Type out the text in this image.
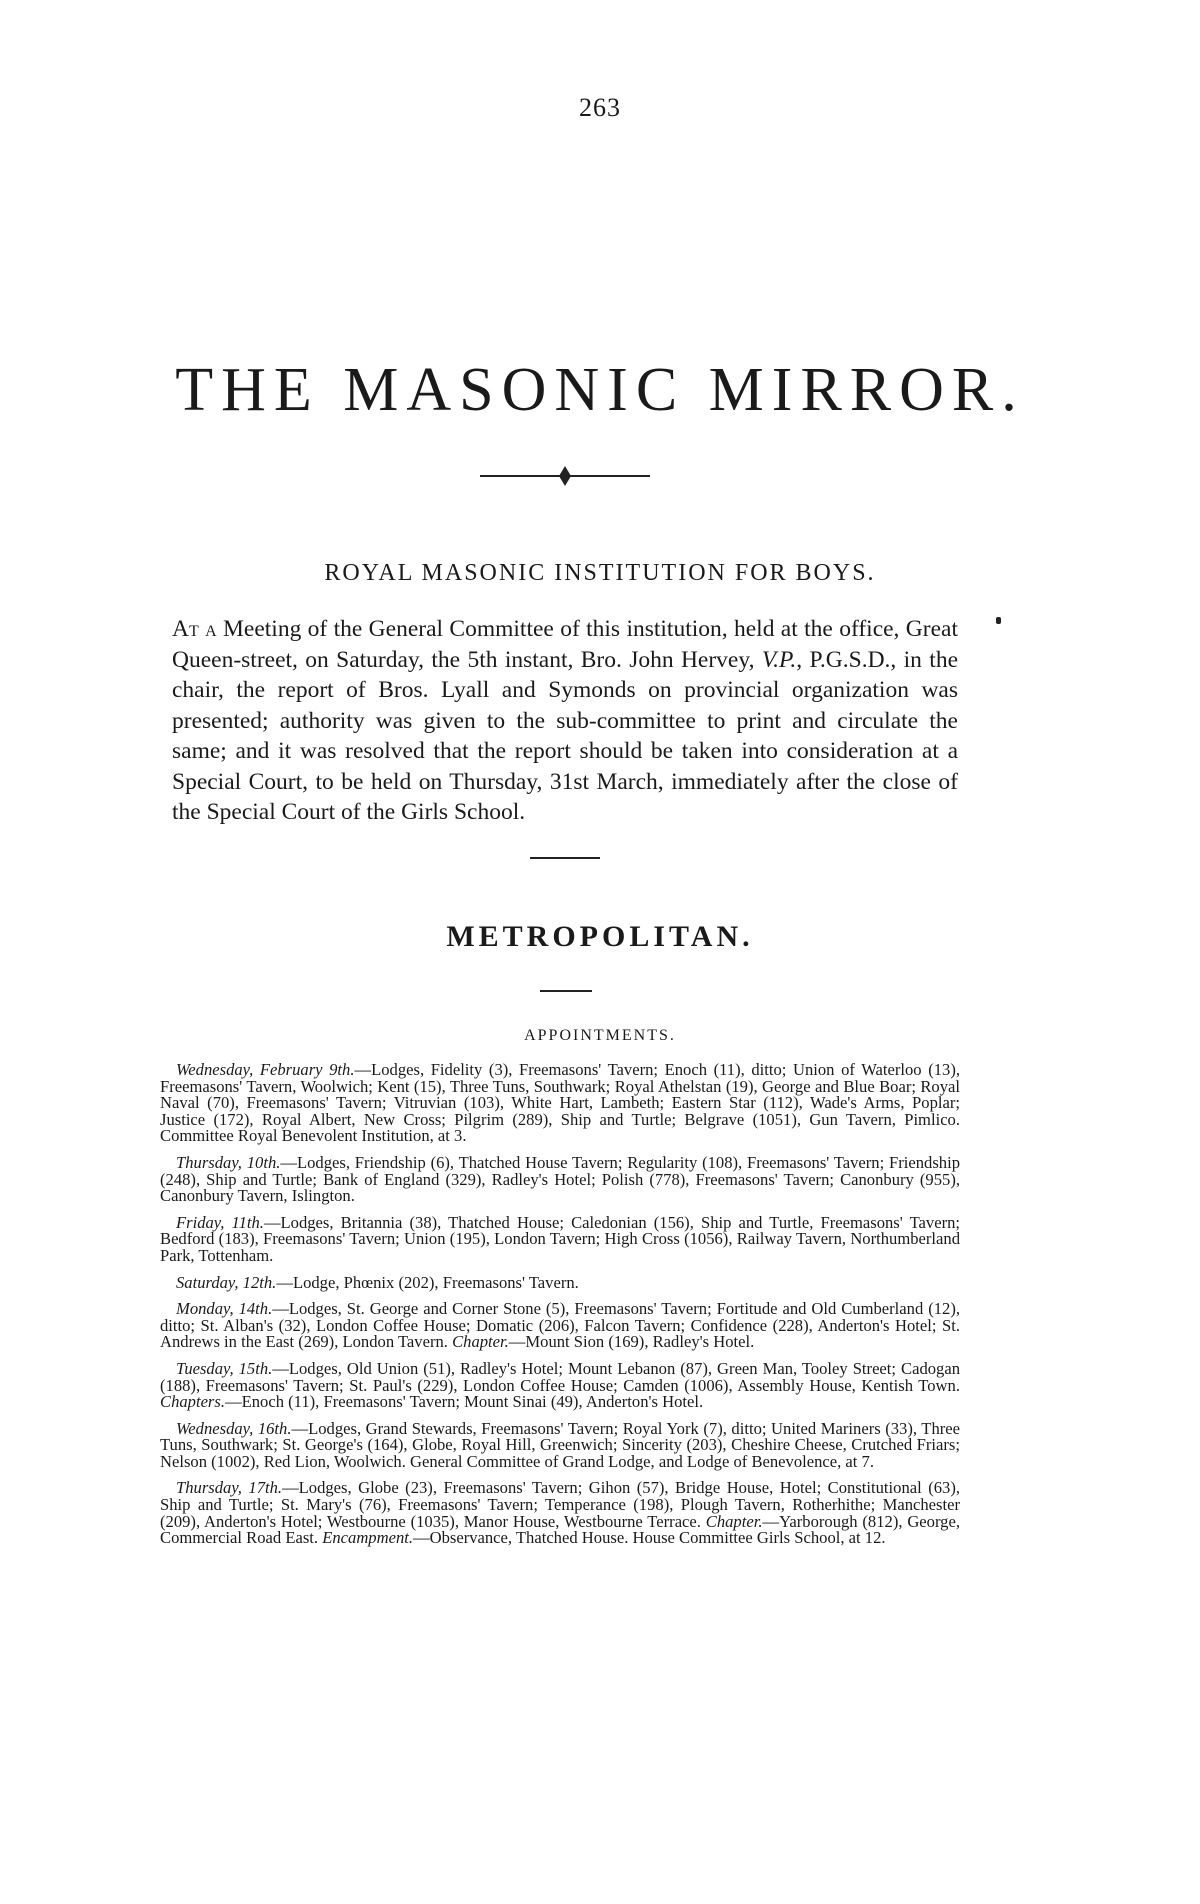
263
THE MASONIC MIRROR.
ROYAL MASONIC INSTITUTION FOR BOYS.

At a Meeting of the General Committee of this institution, held at the office, Great Queen-street, on Saturday, the 5th instant, Bro. John Hervey, V.P., P.G.S.D., in the chair, the report of Bros. Lyall and Symonds on provincial organization was presented; authority was given to the sub-committee to print and circulate the same; and it was resolved that the report should be taken into consideration at a Special Court, to be held on Thursday, 31st March, immediately after the close of the Special Court of the Girls School.

METROPOLITAN.
APPOINTMENTS.

Wednesday, February 9th.—Lodges, Fidelity (3), Freemasons' Tavern; Enoch (11), ditto; Union of Waterloo (13), Freemasons' Tavern, Woolwich; Kent (15), Three Tuns, Southwark; Royal Athelstan (19), George and Blue Boar; Royal Naval (70), Freemasons' Tavern; Vitruvian (103), White Hart, Lambeth; Eastern Star (112), Wade's Arms, Poplar; Justice (172), Royal Albert, New Cross; Pilgrim (289), Ship and Turtle; Belgrave (1051), Gun Tavern, Pimlico. Committee Royal Benevolent Institution, at 3.

Thursday, 10th.—Lodges, Friendship (6), Thatched House Tavern; Regularity (108), Freemasons' Tavern; Friendship (248), Ship and Turtle; Bank of England (329), Radley's Hotel; Polish (778), Freemasons' Tavern; Canonbury (955), Canonbury Tavern, Islington.

Friday, 11th.—Lodges, Britannia (38), Thatched House; Caledonian (156), Ship and Turtle, Freemasons' Tavern; Bedford (183), Freemasons' Tavern; Union (195), London Tavern; High Cross (1056), Railway Tavern, Northumberland Park, Tottenham.

Saturday, 12th.—Lodge, Phœnix (202), Freemasons' Tavern.

Monday, 14th.—Lodges, St. George and Corner Stone (5), Freemasons' Tavern; Fortitude and Old Cumberland (12), ditto; St. Alban's (32), London Coffee House; Domatic (206), Falcon Tavern; Confidence (228), Anderton's Hotel; St. Andrews in the East (269), London Tavern. Chapter.—Mount Sion (169), Radley's Hotel.

Tuesday, 15th.—Lodges, Old Union (51), Radley's Hotel; Mount Lebanon (87), Green Man, Tooley Street; Cadogan (188), Freemasons' Tavern; St. Paul's (229), London Coffee House; Camden (1006), Assembly House, Kentish Town. Chapters.—Enoch (11), Freemasons' Tavern; Mount Sinai (49), Anderton's Hotel.

Wednesday, 16th.—Lodges, Grand Stewards, Freemasons' Tavern; Royal York (7), ditto; United Mariners (33), Three Tuns, Southwark; St. George's (164), Globe, Royal Hill, Greenwich; Sincerity (203), Cheshire Cheese, Crutched Friars; Nelson (1002), Red Lion, Woolwich. General Committee of Grand Lodge, and Lodge of Benevolence, at 7.

Thursday, 17th.—Lodges, Globe (23), Freemasons' Tavern; Gihon (57), Bridge House, Hotel; Constitutional (63), Ship and Turtle; St. Mary's (76), Freemasons' Tavern; Temperance (198), Plough Tavern, Rotherhithe; Manchester (209), Anderton's Hotel; Westbourne (1035), Manor House, Westbourne Terrace. Chapter.—Yarborough (812), George, Commercial Road East. Encampment.—Observance, Thatched House. House Committee Girls School, at 12.
